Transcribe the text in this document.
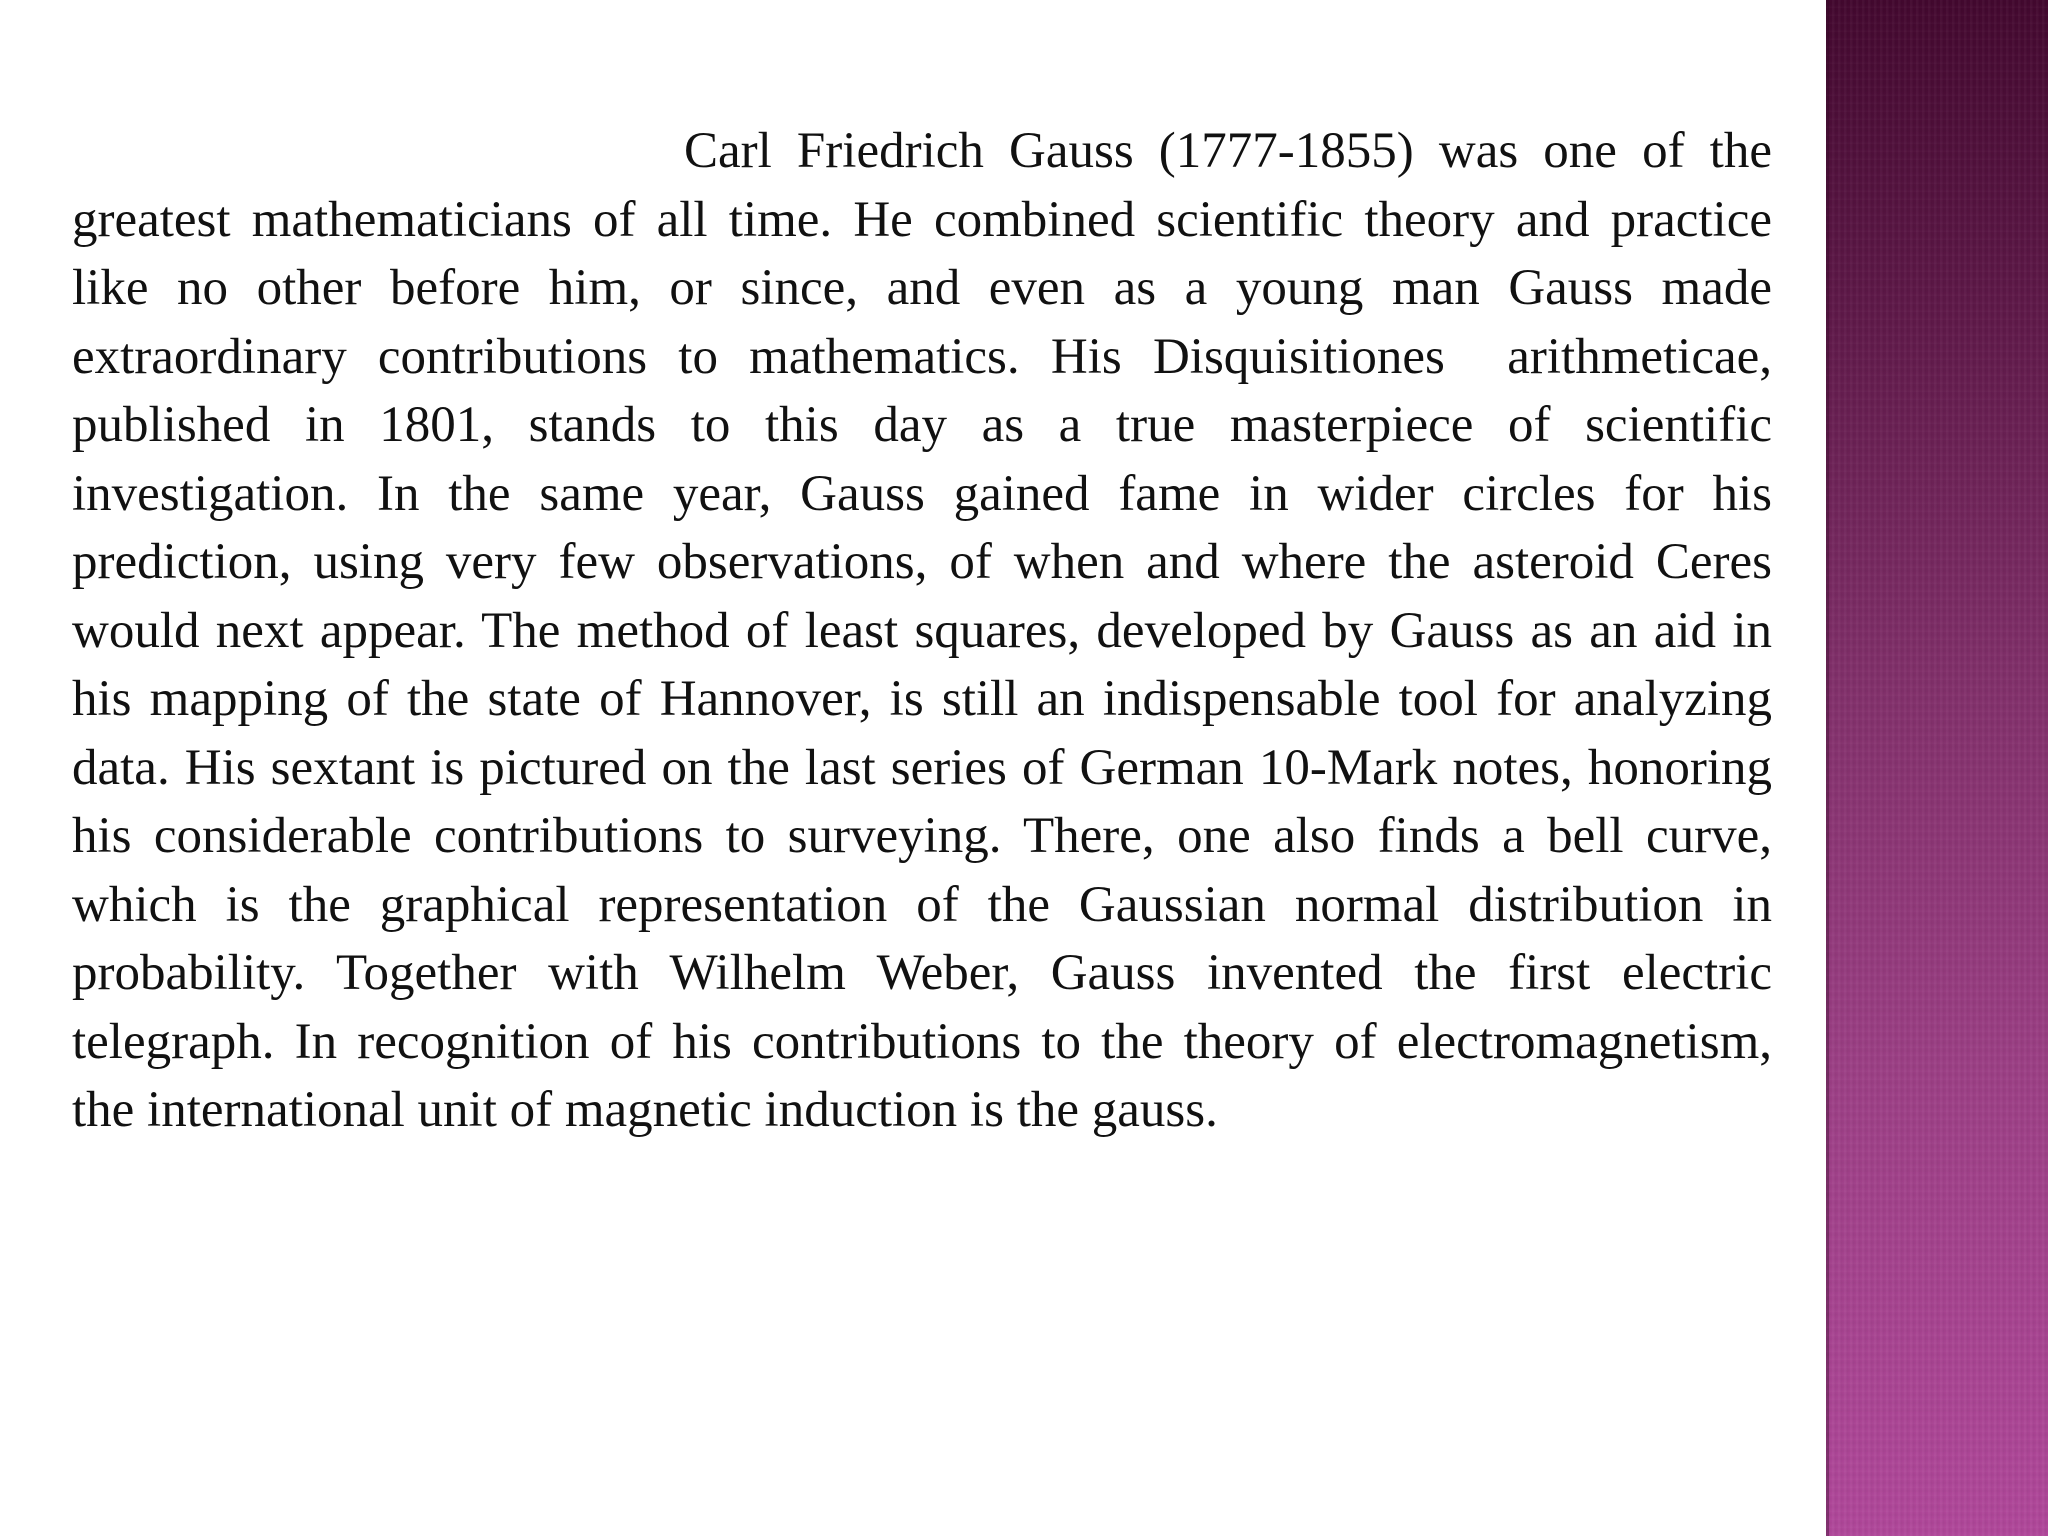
Carl Friedrich Gauss (1777-1855) was one of the greatest mathematicians of all time. He combined scientific theory and practice like no other before him, or since, and even as a young man Gauss made extraordinary contributions to mathematics. His Disquisitiones  arithmeticae, published in 1801, stands to this day as a true masterpiece of scientific investigation. In the same year, Gauss gained fame in wider circles for his prediction, using very few observations, of when and where the asteroid Ceres would next appear. The method of least squares, developed by Gauss as an aid in his mapping of the state of Hannover, is still an indispensable tool for analyzing data. His sextant is pictured on the last series of German 10-Mark notes, honoring his considerable contributions to surveying. There, one also finds a bell curve, which is the graphical representation of the Gaussian normal distribution in probability. Together with Wilhelm Weber, Gauss invented the first electric telegraph. In recognition of his contributions to the theory of electromagnetism, the international unit of magnetic induction is the gauss.
